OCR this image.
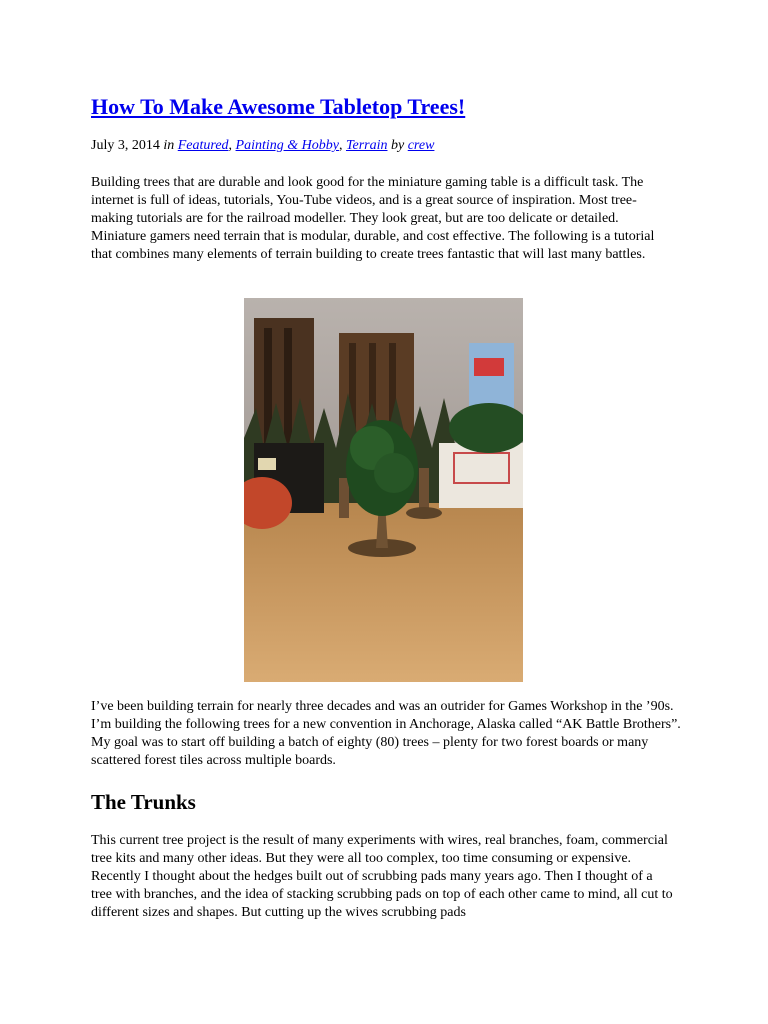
How To Make Awesome Tabletop Trees!

July 3, 2014 in Featured, Painting & Hobby, Terrain by crew

Building trees that are durable and look good for the miniature gaming table is a difficult task. The internet is full of ideas, tutorials, You-Tube videos, and is a great source of inspiration. Most tree-making tutorials are for the railroad modeller. They look great, but are too delicate or detailed. Miniature gamers need terrain that is modular, durable, and cost effective. The following is a tutorial that combines many elements of terrain building to create trees fantastic that will last many battles.

I’ve been building terrain for nearly three decades and was an outrider for Games Workshop in the ’90s. I’m building the following trees for a new convention in Anchorage, Alaska called “AK Battle Brothers”. My goal was to start off building a batch of eighty (80) trees – plenty for two forest boards or many scattered forest tiles across multiple boards.

The Trunks

This current tree project is the result of many experiments with wires, real branches, foam, commercial tree kits and many other ideas. But they were all too complex, too time consuming or expensive. Recently I thought about the hedges built out of scrubbing pads many years ago. Then I thought of a tree with branches, and the idea of stacking scrubbing pads on top of each other came to mind, all cut to different sizes and shapes. But cutting up the wives scrubbing pads
